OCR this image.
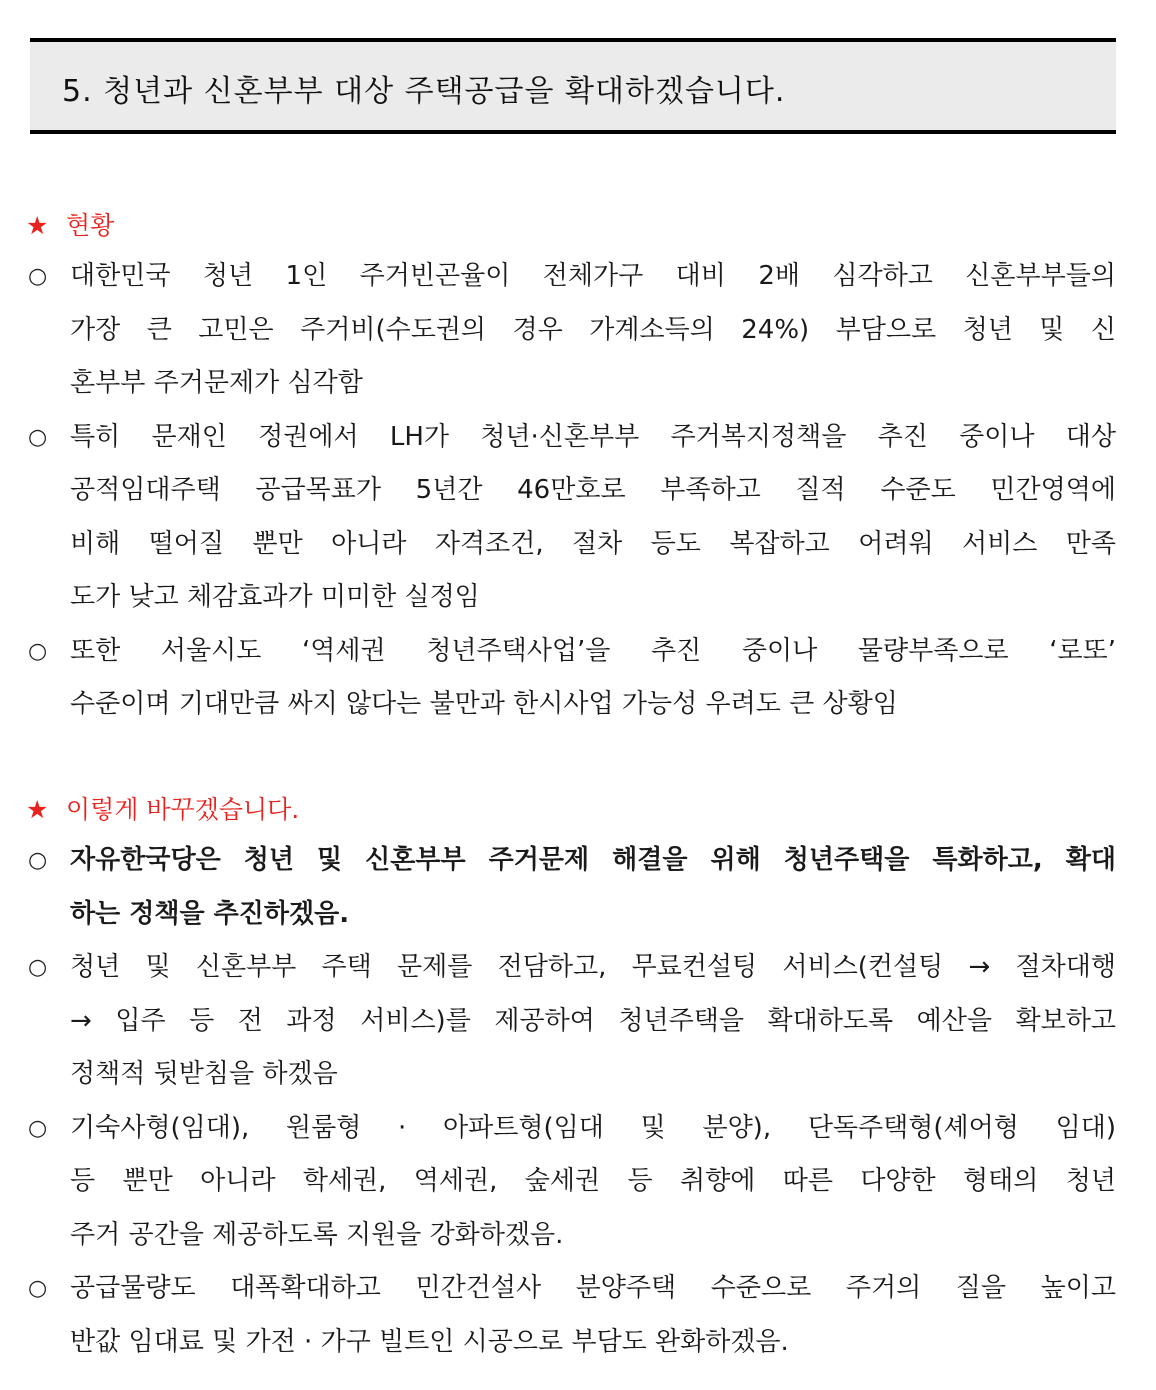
5. 청년과 신혼부부 대상 주택공급을 확대하겠습니다.
★ 현황
○ 대한민국 청년 1인 주거빈곤율이 전체가구 대비 2배 심각하고 신혼부부들의
가장 큰 고민은 주거비(수도권의 경우 가계소득의 24%) 부담으로 청년 및 신
혼부부 주거문제가 심각함
○ 특히 문재인 정권에서 LH가 청년·신혼부부 주거복지정책을 추진 중이나 대상
공적임대주택 공급목표가 5년간 46만호로 부족하고 질적 수준도 민간영역에
비해 떨어질 뿐만 아니라 자격조건, 절차 등도 복잡하고 어려워 서비스 만족
도가 낮고 체감효과가 미미한 실정임
○ 또한 서울시도 ‘역세권 청년주택사업’을 추진 중이나 물량부족으로 ‘로또’
수준이며 기대만큼 싸지 않다는 불만과 한시사업 가능성 우려도 큰 상황임
★ 이렇게 바꾸겠습니다.
○ 자유한국당은 청년 및 신혼부부 주거문제 해결을 위해 청년주택을 특화하고, 확대
하는 정책을 추진하겠음.
○ 청년 및 신혼부부 주택 문제를 전담하고, 무료컨설팅 서비스(컨설팅 → 절차대행
→ 입주 등 전 과정 서비스)를 제공하여 청년주택을 확대하도록 예산을 확보하고
정책적 뒷받침을 하겠음
○ 기숙사형(임대), 원룸형 · 아파트형(임대 및 분양), 단독주택형(셰어형 임대)
등 뿐만 아니라 학세권, 역세권, 숲세권 등 취향에 따른 다양한 형태의 청년
주거 공간을 제공하도록 지원을 강화하겠음.
○ 공급물량도 대폭확대하고 민간건설사 분양주택 수준으로 주거의 질을 높이고
반값 임대료 및 가전 · 가구 빌트인 시공으로 부담도 완화하겠음.
